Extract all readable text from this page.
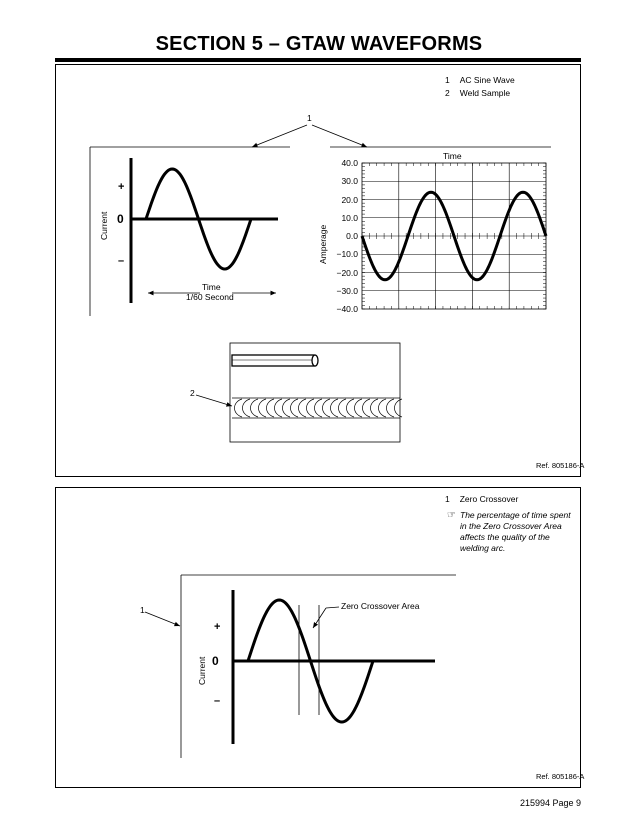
SECTION 5 – GTAW WAVEFORMS
1 AC Sine Wave
2 Weld Sample
1
2
Ref. 805186-A
Current
+
0
–
Time
1/60 Second
Time
Amperage
40.0
30.0
20.0
10.0
0.0
−10.0
−20.0
−30.0
−40.0
1 Zero Crossover
☞ The percentage of time spent in the Zero Crossover Area affects the quality of the welding arc.
1	Zero Crossover Area
Current
+
0
–
Ref. 805186-A
215994 Page 9
